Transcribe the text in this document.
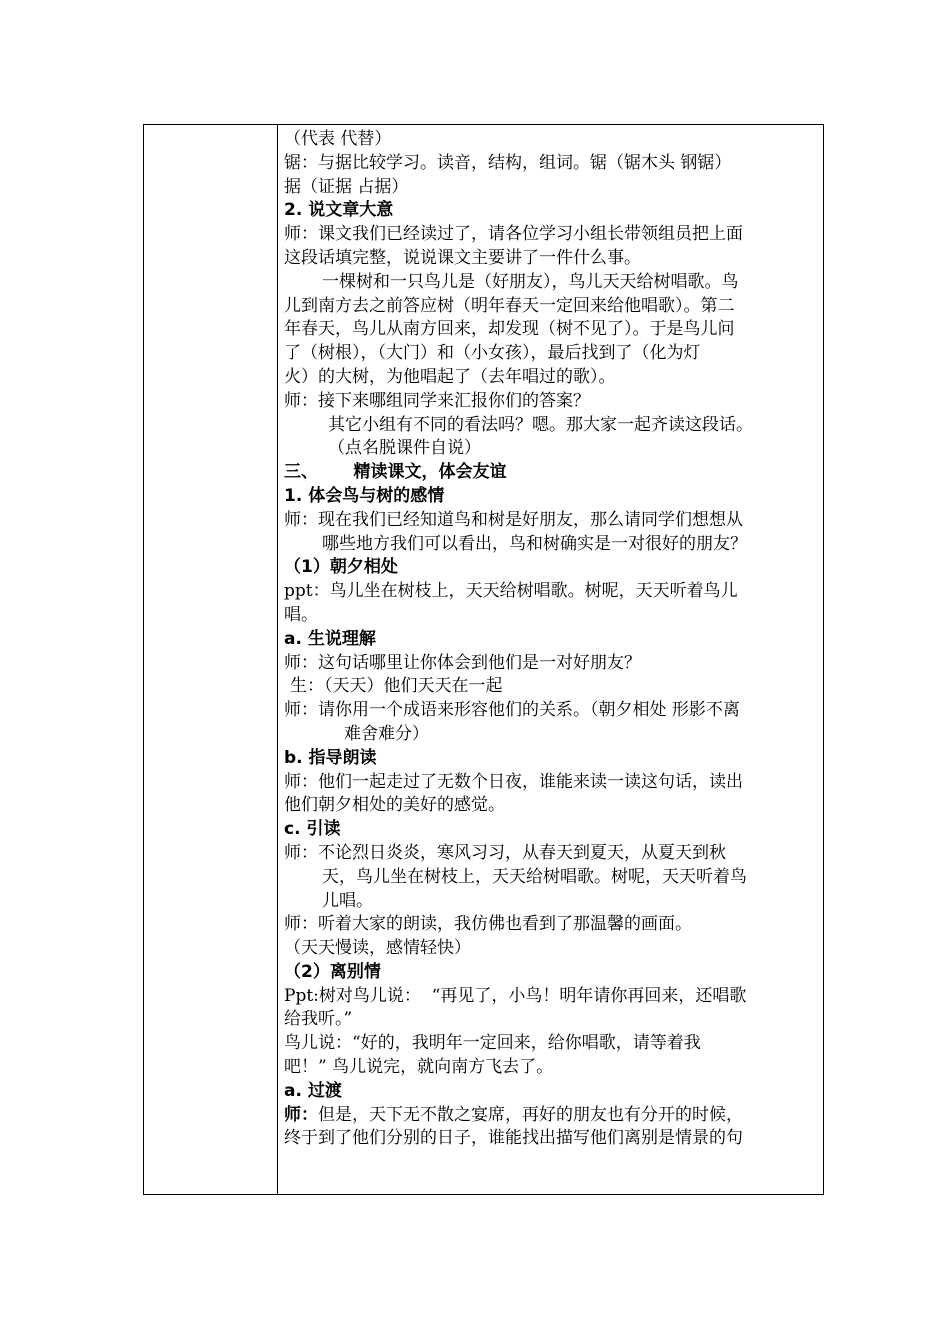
（代表 代替）
锯：与据比较学习。读音，结构，组词。锯（锯木头 钢锯）
据（证据 占据）
2. 说文章大意
师：课文我们已经读过了，请各位学习小组长带领组员把上面
这段话填完整，说说课文主要讲了一件什么事。
一棵树和一只鸟儿是（好朋友），鸟儿天天给树唱歌。鸟
儿到南方去之前答应树（明年春天一定回来给他唱歌）。第二
年春天，鸟儿从南方回来，却发现（树不见了）。于是鸟儿问
了（树根），（大门）和（小女孩），最后找到了（化为灯
火）的大树，为他唱起了（去年唱过的歌）。
师：接下来哪组同学来汇报你们的答案？
其它小组有不同的看法吗？嗯。那大家一起齐读这段话。
（点名脱课件自说）
三、      精读课文，体会友谊
1. 体会鸟与树的感情
师：现在我们已经知道鸟和树是好朋友，那么请同学们想想从
哪些地方我们可以看出，鸟和树确实是一对很好的朋友？
（1）朝夕相处
ppt：鸟儿坐在树枝上，天天给树唱歌。树呢，天天听着鸟儿
唱。
a. 生说理解
师：这句话哪里让你体会到他们是一对好朋友？
生：（天天）他们天天在一起
师：请你用一个成语来形容他们的关系。（朝夕相处 形影不离
难舍难分）
b. 指导朗读
师：他们一起走过了无数个日夜，谁能来读一读这句话，读出
他们朝夕相处的美好的感觉。
c. 引读
师：不论烈日炎炎，寒风习习，从春天到夏天，从夏天到秋
天，鸟儿坐在树枝上，天天给树唱歌。树呢，天天听着鸟
儿唱。
师：听着大家的朗读，我仿佛也看到了那温馨的画面。
（天天慢读，感情轻快）
（2）离别情
Ppt:树对鸟儿说：  “再见了，小鸟！明年请你再回来，还唱歌
给我听。”
鸟儿说：“好的，我明年一定回来，给你唱歌，请等着我
吧！” 鸟儿说完，就向南方飞去了。
a. 过渡
师：但是，天下无不散之宴席，再好的朋友也有分开的时候，
终于到了他们分别的日子，谁能找出描写他们离别是情景的句
